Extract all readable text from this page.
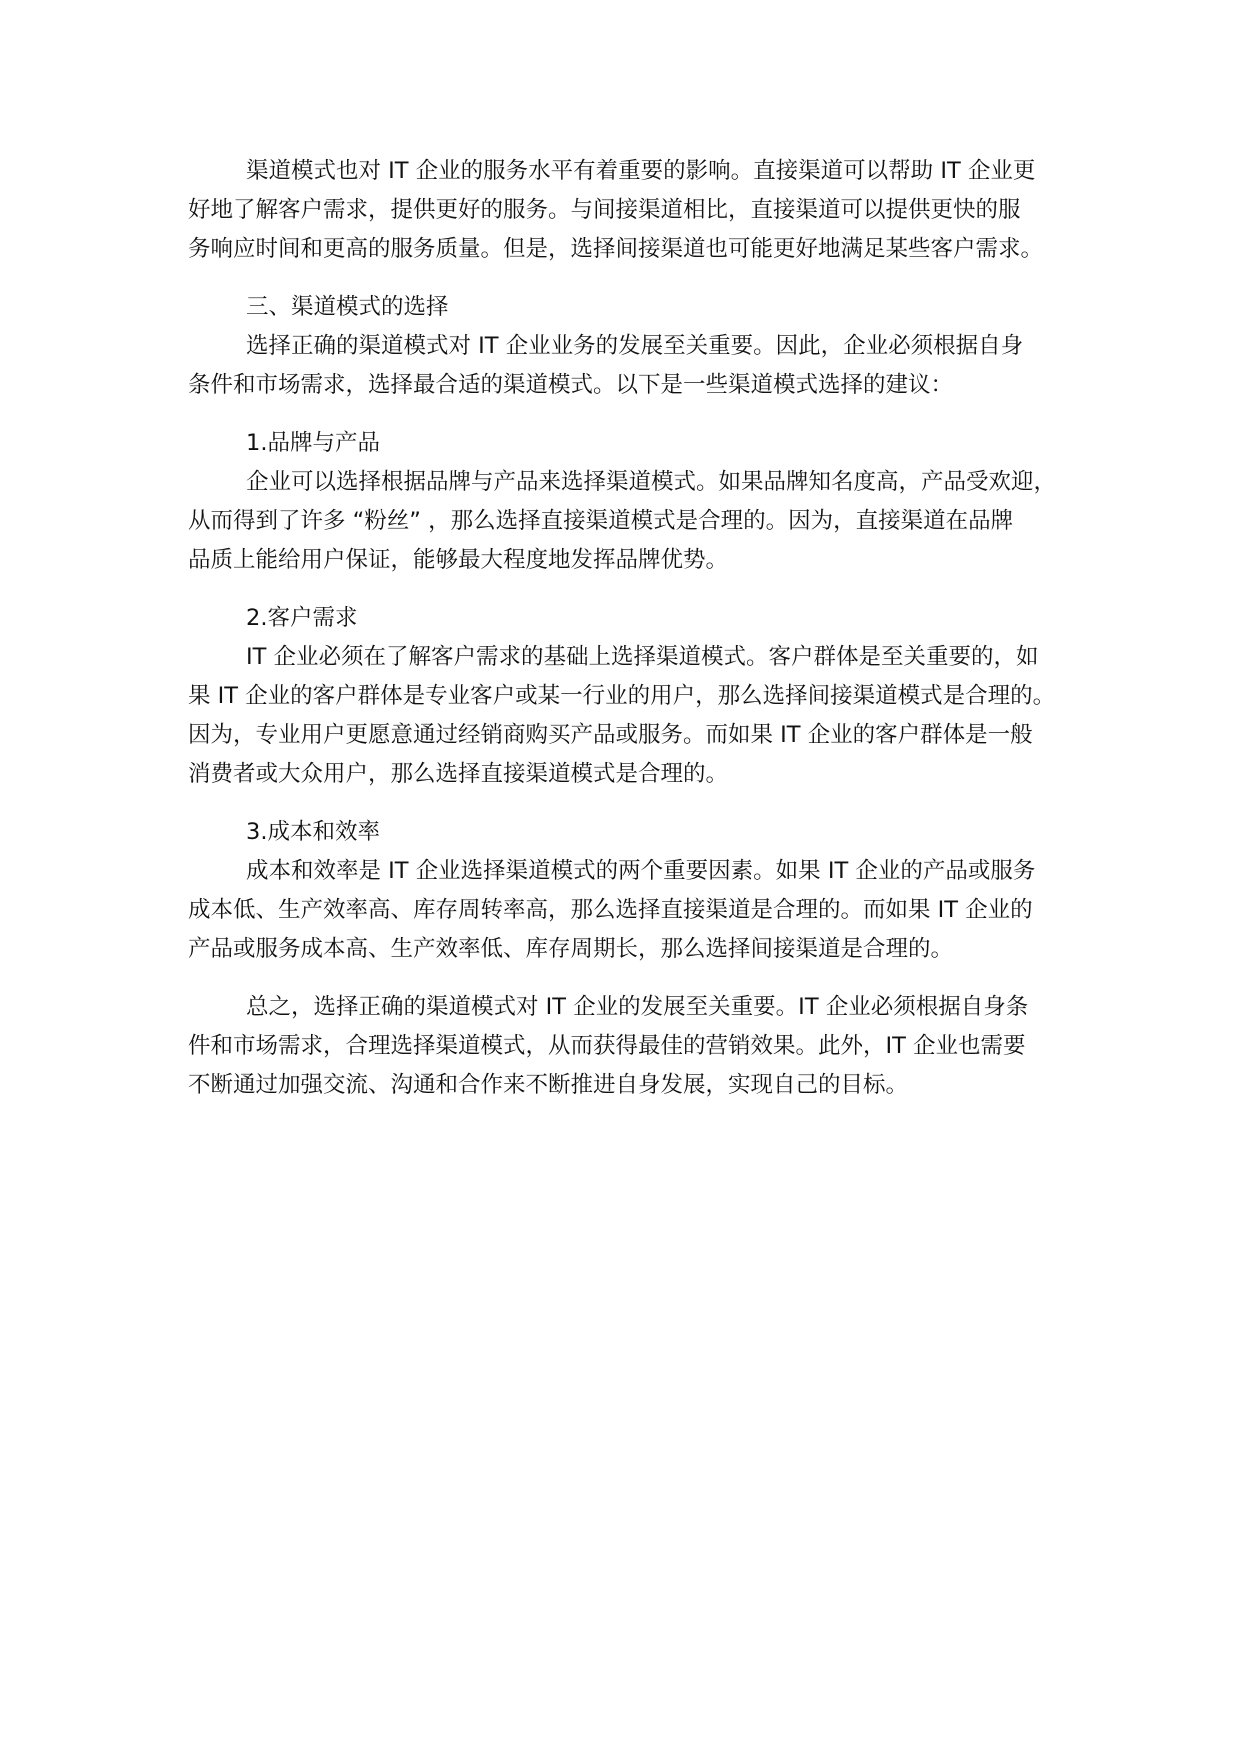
渠道模式也对 IT 企业的服务水平有着重要的影响。直接渠道可以帮助 IT 企业更
好地了解客户需求，提供更好的服务。与间接渠道相比，直接渠道可以提供更快的服
务响应时间和更高的服务质量。但是，选择间接渠道也可能更好地满足某些客户需求。

三、渠道模式的选择

选择正确的渠道模式对 IT 企业业务的发展至关重要。因此，企业必须根据自身
条件和市场需求，选择最合适的渠道模式。以下是一些渠道模式选择的建议：

1.品牌与产品

企业可以选择根据品牌与产品来选择渠道模式。如果品牌知名度高，产品受欢迎，
从而得到了许多 “粉丝” ，那么选择直接渠道模式是合理的。因为，直接渠道在品牌
品质上能给用户保证，能够最大程度地发挥品牌优势。

2.客户需求

IT 企业必须在了解客户需求的基础上选择渠道模式。客户群体是至关重要的，如
果 IT 企业的客户群体是专业客户或某一行业的用户，那么选择间接渠道模式是合理的。
因为，专业用户更愿意通过经销商购买产品或服务。而如果 IT 企业的客户群体是一般
消费者或大众用户，那么选择直接渠道模式是合理的。

3.成本和效率

成本和效率是 IT 企业选择渠道模式的两个重要因素。如果 IT 企业的产品或服务
成本低、生产效率高、库存周转率高，那么选择直接渠道是合理的。而如果 IT 企业的
产品或服务成本高、生产效率低、库存周期长，那么选择间接渠道是合理的。

总之，选择正确的渠道模式对 IT 企业的发展至关重要。IT 企业必须根据自身条
件和市场需求，合理选择渠道模式，从而获得最佳的营销效果。此外，IT 企业也需要
不断通过加强交流、沟通和合作来不断推进自身发展，实现自己的目标。
